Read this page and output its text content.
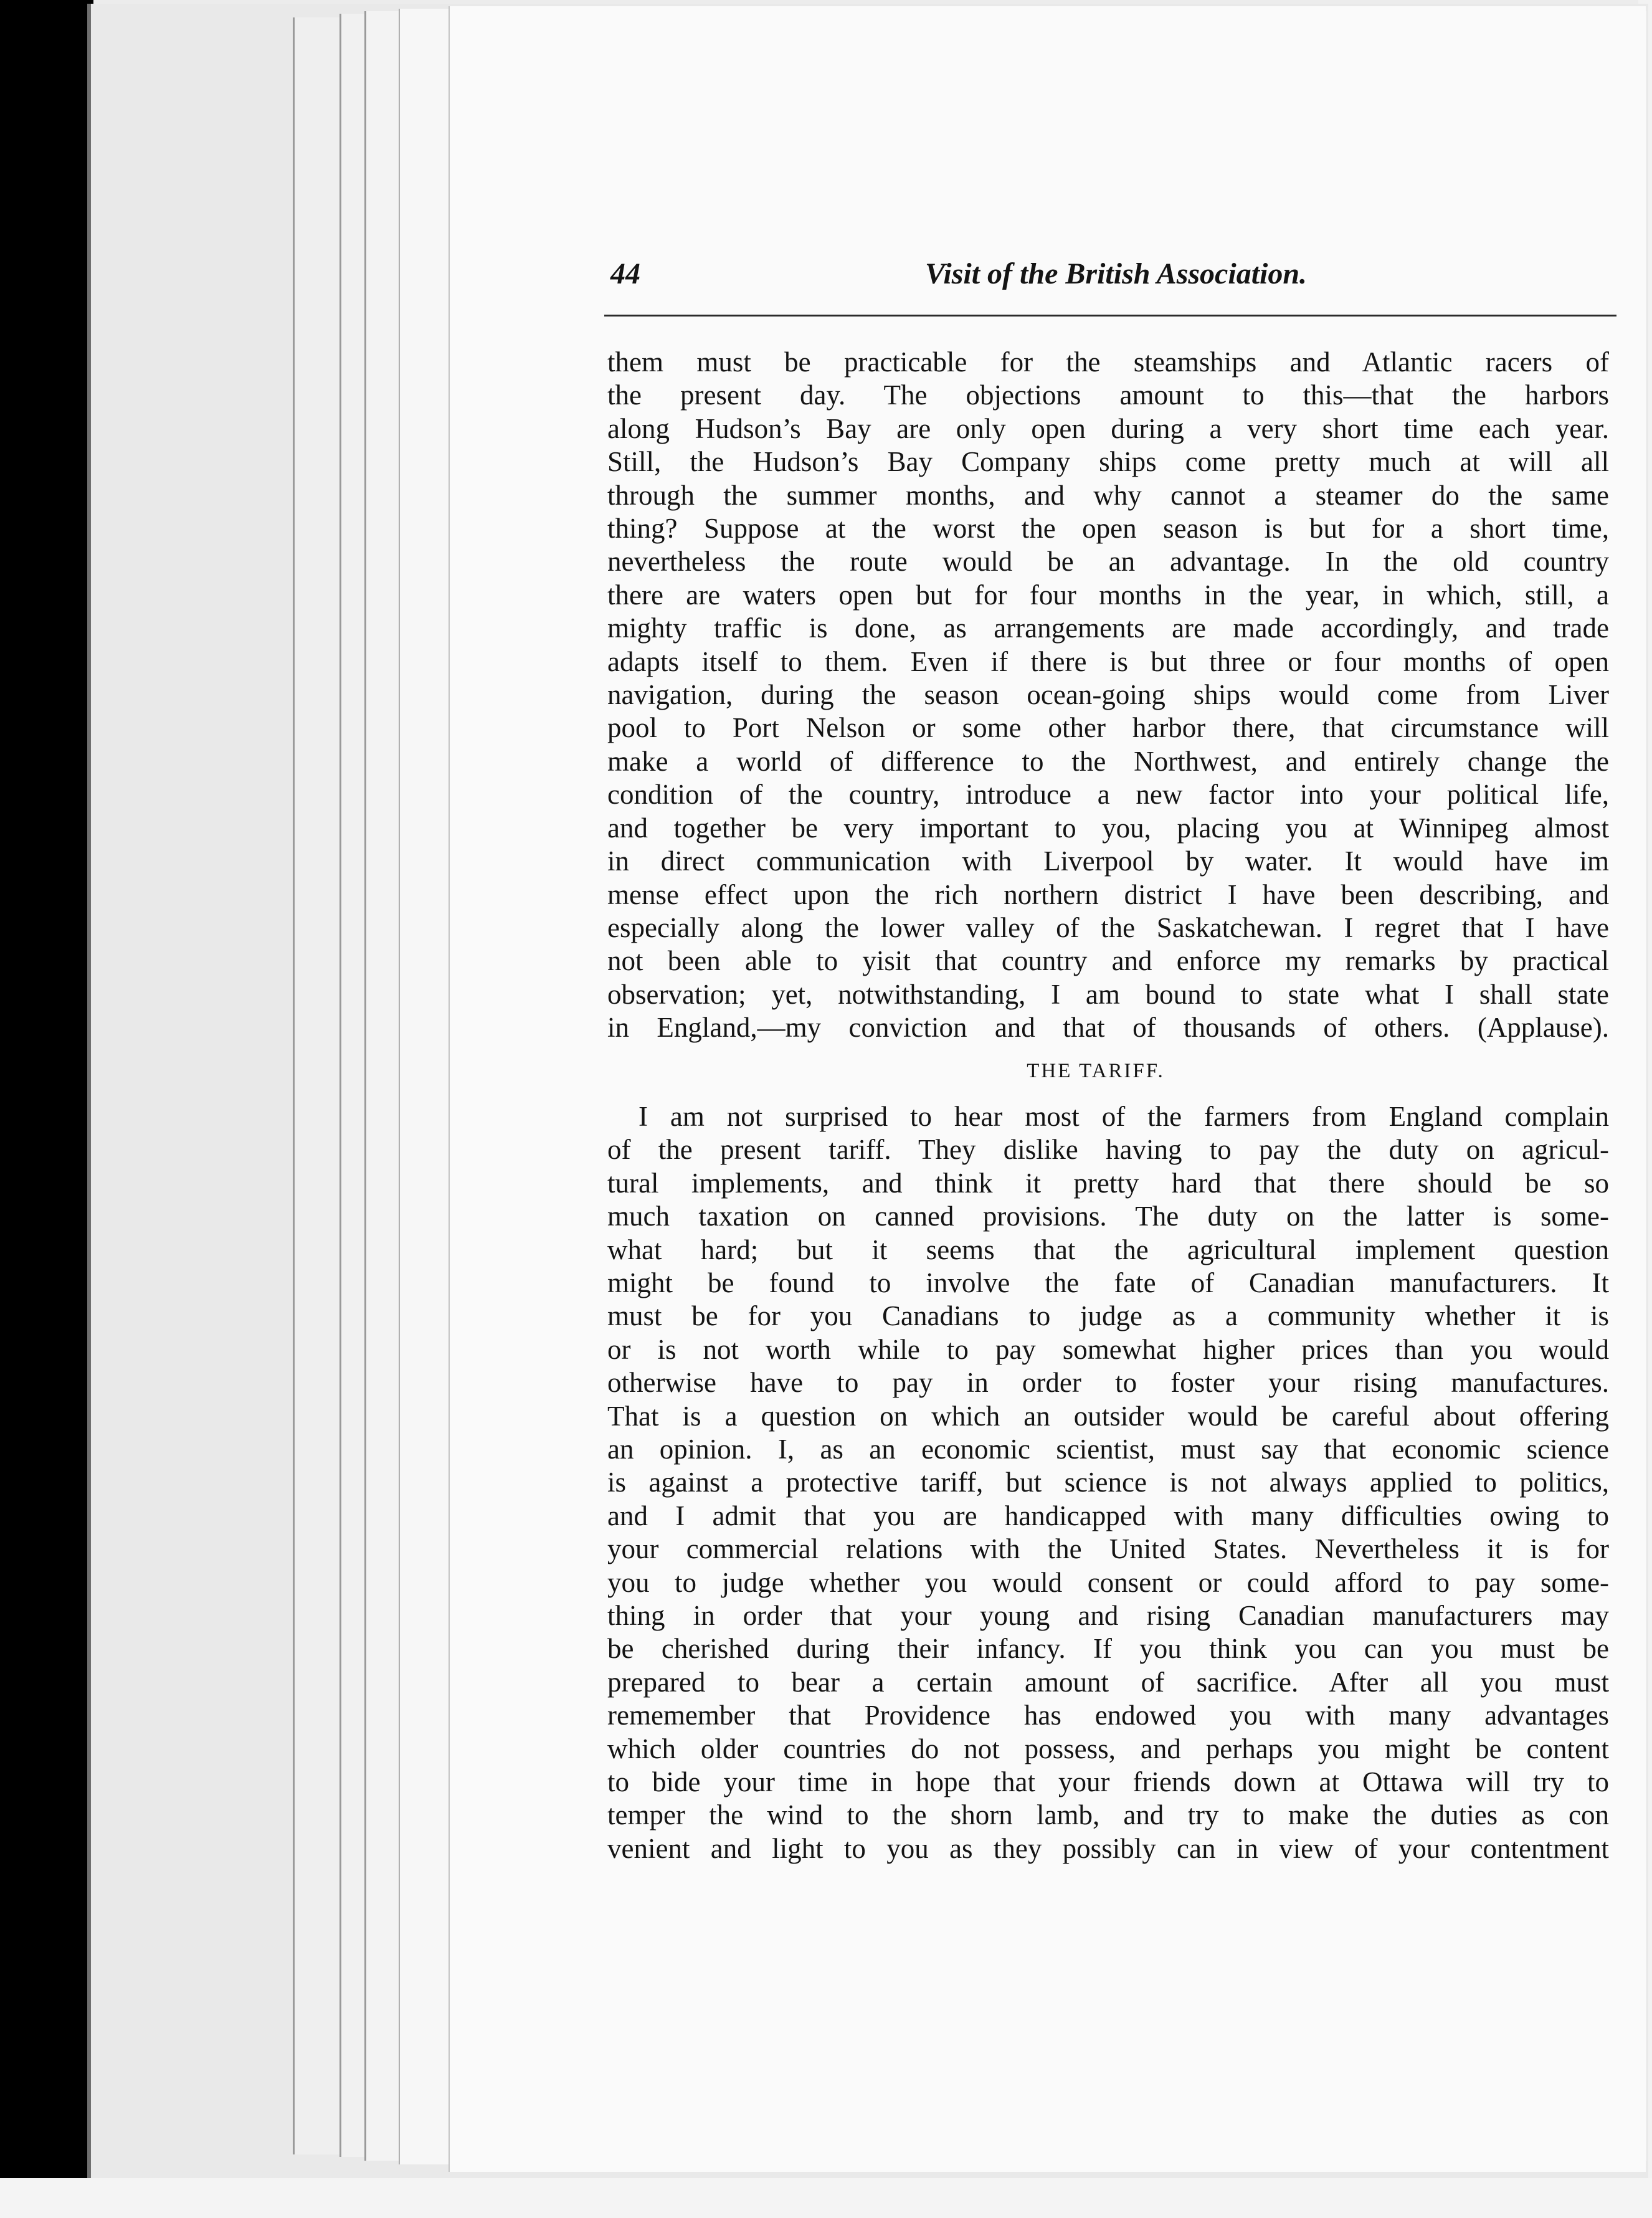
44	Visit of the British Association.
them must be practicable for the steamships and Atlantic racers of
the present day. The objections amount to this—that the harbors
along Hudson’s Bay are only open during a very short time each year.
Still, the Hudson’s Bay Company ships come pretty much at will all
through the summer months, and why cannot a steamer do the same
thing? Suppose at the worst the open season is but for a short time,
nevertheless the route would be an advantage. In the old country
there are waters open but for four months in the year, in which, still, a
mighty traffic is done, as arrangements are made accordingly, and trade
adapts itself to them. Even if there is but three or four months of open
navigation, during the season ocean-going ships would come from Liver
pool to Port Nelson or some other harbor there, that circumstance will
make a world of difference to the Northwest, and entirely change the
condition of the country, introduce a new factor into your political life,
and together be very important to you, placing you at Winnipeg almost
in direct communication with Liverpool by water. It would have im
mense effect upon the rich northern district I have been describing, and
especially along the lower valley of the Saskatchewan. I regret that I have
not been able to yisit that country and enforce my remarks by practical
observation; yet, notwithstanding, I am bound to state what I shall state
in England,—my conviction and that of thousands of others. (Applause).
THE TARIFF.
I am not surprised to hear most of the farmers from England complain
of the present tariff. They dislike having to pay the duty on agricul-
tural implements, and think it pretty hard that there should be so
much taxation on canned provisions. The duty on the latter is some-
what hard; but it seems that the agricultural implement question
might be found to involve the fate of Canadian manufacturers. It
must be for you Canadians to judge as a community whether it is
or is not worth while to pay somewhat higher prices than you would
otherwise have to pay in order to foster your rising manufactures.
That is a question on which an outsider would be careful about offering
an opinion. I, as an economic scientist, must say that economic science
is against a protective tariff, but science is not always applied to politics,
and I admit that you are handicapped with many difficulties owing to
your commercial relations with the United States. Nevertheless it is for
you to judge whether you would consent or could afford to pay some-
thing in order that your young and rising Canadian manufacturers may
be cherished during their infancy. If you think you can you must be
prepared to bear a certain amount of sacrifice. After all you must
rememember that Providence has endowed you with many advantages
which older countries do not possess, and perhaps you might be content
to bide your time in hope that your friends down at Ottawa will try to
temper the wind to the shorn lamb, and try to make the duties as con
venient and light to you as they possibly can in view of your contentment
